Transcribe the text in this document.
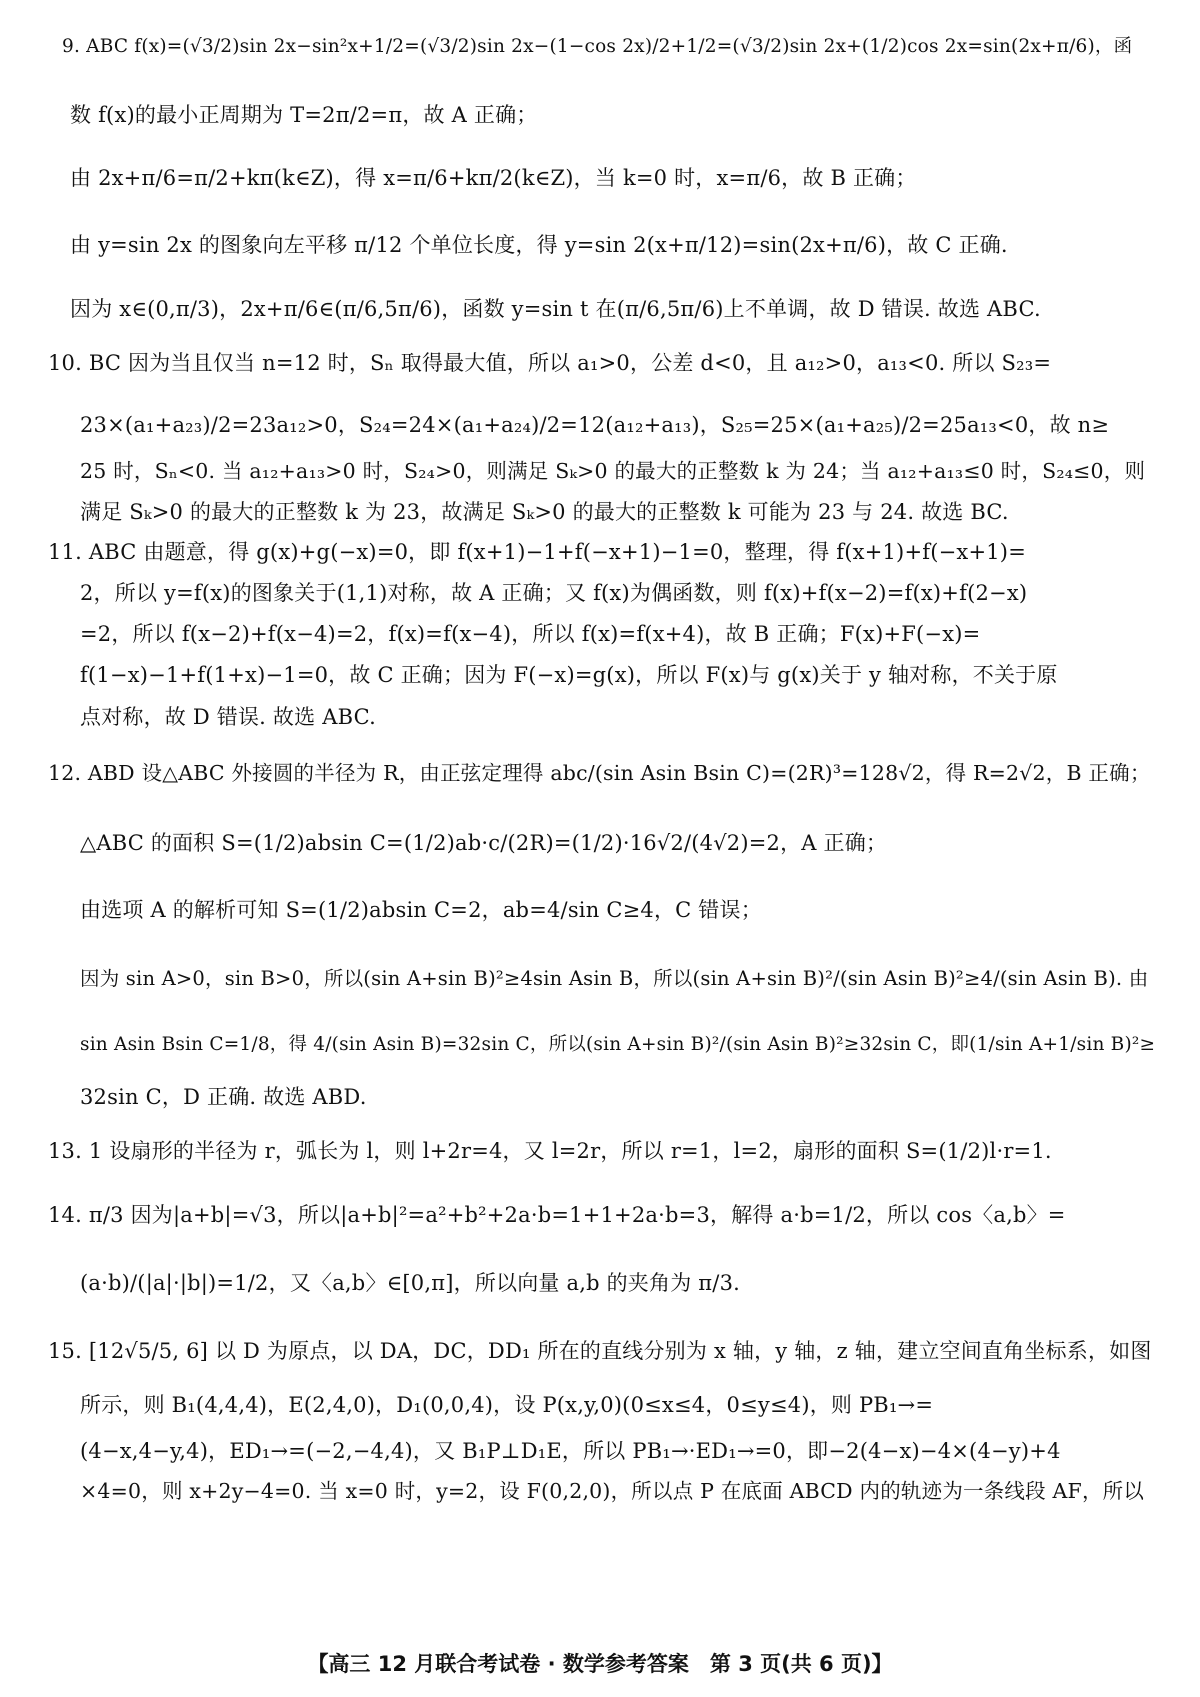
9. ABC f(x)=(√3/2)sin 2x−sin²x+1/2=(√3/2)sin 2x−(1−cos 2x)/2+1/2=(√3/2)sin 2x+(1/2)cos 2x=sin(2x+π/6)，函
数 f(x)的最小正周期为 T=2π/2=π，故 A 正确；
由 2x+π/6=π/2+kπ(k∈Z)，得 x=π/6+kπ/2(k∈Z)，当 k=0 时，x=π/6，故 B 正确；
由 y=sin 2x 的图象向左平移 π/12 个单位长度，得 y=sin 2(x+π/12)=sin(2x+π/6)，故 C 正确.
因为 x∈(0,π/3)，2x+π/6∈(π/6,5π/6)，函数 y=sin t 在(π/6,5π/6)上不单调，故 D 错误. 故选 ABC.
10. BC 因为当且仅当 n=12 时，Sₙ 取得最大值，所以 a₁>0，公差 d<0，且 a₁₂>0，a₁₃<0. 所以 S₂₃=
23×(a₁+a₂₃)/2=23a₁₂>0，S₂₄=24×(a₁+a₂₄)/2=12(a₁₂+a₁₃)，S₂₅=25×(a₁+a₂₅)/2=25a₁₃<0，故 n≥
25 时，Sₙ<0. 当 a₁₂+a₁₃>0 时，S₂₄>0，则满足 Sₖ>0 的最大的正整数 k 为 24；当 a₁₂+a₁₃≤0 时，S₂₄≤0，则
满足 Sₖ>0 的最大的正整数 k 为 23，故满足 Sₖ>0 的最大的正整数 k 可能为 23 与 24. 故选 BC.
11. ABC 由题意，得 g(x)+g(−x)=0，即 f(x+1)−1+f(−x+1)−1=0，整理，得 f(x+1)+f(−x+1)=
2，所以 y=f(x)的图象关于(1,1)对称，故 A 正确；又 f(x)为偶函数，则 f(x)+f(x−2)=f(x)+f(2−x)
=2，所以 f(x−2)+f(x−4)=2，f(x)=f(x−4)，所以 f(x)=f(x+4)，故 B 正确；F(x)+F(−x)=
f(1−x)−1+f(1+x)−1=0，故 C 正确；因为 F(−x)=g(x)，所以 F(x)与 g(x)关于 y 轴对称，不关于原
点对称，故 D 错误. 故选 ABC.
12. ABD 设△ABC 外接圆的半径为 R，由正弦定理得 abc/(sin Asin Bsin C)=(2R)³=128√2，得 R=2√2，B 正确；
△ABC 的面积 S=(1/2)absin C=(1/2)ab·c/(2R)=(1/2)·16√2/(4√2)=2，A 正确；
由选项 A 的解析可知 S=(1/2)absin C=2，ab=4/sin C≥4，C 错误；
因为 sin A>0，sin B>0，所以(sin A+sin B)²≥4sin Asin B，所以(sin A+sin B)²/(sin Asin B)²≥4/(sin Asin B). 由
sin Asin Bsin C=1/8，得 4/(sin Asin B)=32sin C，所以(sin A+sin B)²/(sin Asin B)²≥32sin C，即(1/sin A+1/sin B)²≥
32sin C，D 正确. 故选 ABD.
13. 1 设扇形的半径为 r，弧长为 l，则 l+2r=4，又 l=2r，所以 r=1，l=2，扇形的面积 S=(1/2)l·r=1.
14. π/3 因为|a+b|=√3，所以|a+b|²=a²+b²+2a·b=1+1+2a·b=3，解得 a·b=1/2，所以 cos〈a,b〉=
(a·b)/(|a|·|b|)=1/2，又〈a,b〉∈[0,π]，所以向量 a,b 的夹角为 π/3.
15. [12√5/5, 6] 以 D 为原点，以 DA，DC，DD₁ 所在的直线分别为 x 轴，y 轴，z 轴，建立空间直角坐标系，如图
所示，则 B₁(4,4,4)，E(2,4,0)，D₁(0,0,4)，设 P(x,y,0)(0≤x≤4，0≤y≤4)，则 PB₁→=
(4−x,4−y,4)，ED₁→=(−2,−4,4)，又 B₁P⊥D₁E，所以 PB₁→·ED₁→=0，即−2(4−x)−4×(4−y)+4
×4=0，则 x+2y−4=0. 当 x=0 时，y=2，设 F(0,2,0)，所以点 P 在底面 ABCD 内的轨迹为一条线段 AF，所以
【高三 12 月联合考试卷 · 数学参考答案　第 3 页(共 6 页)】
